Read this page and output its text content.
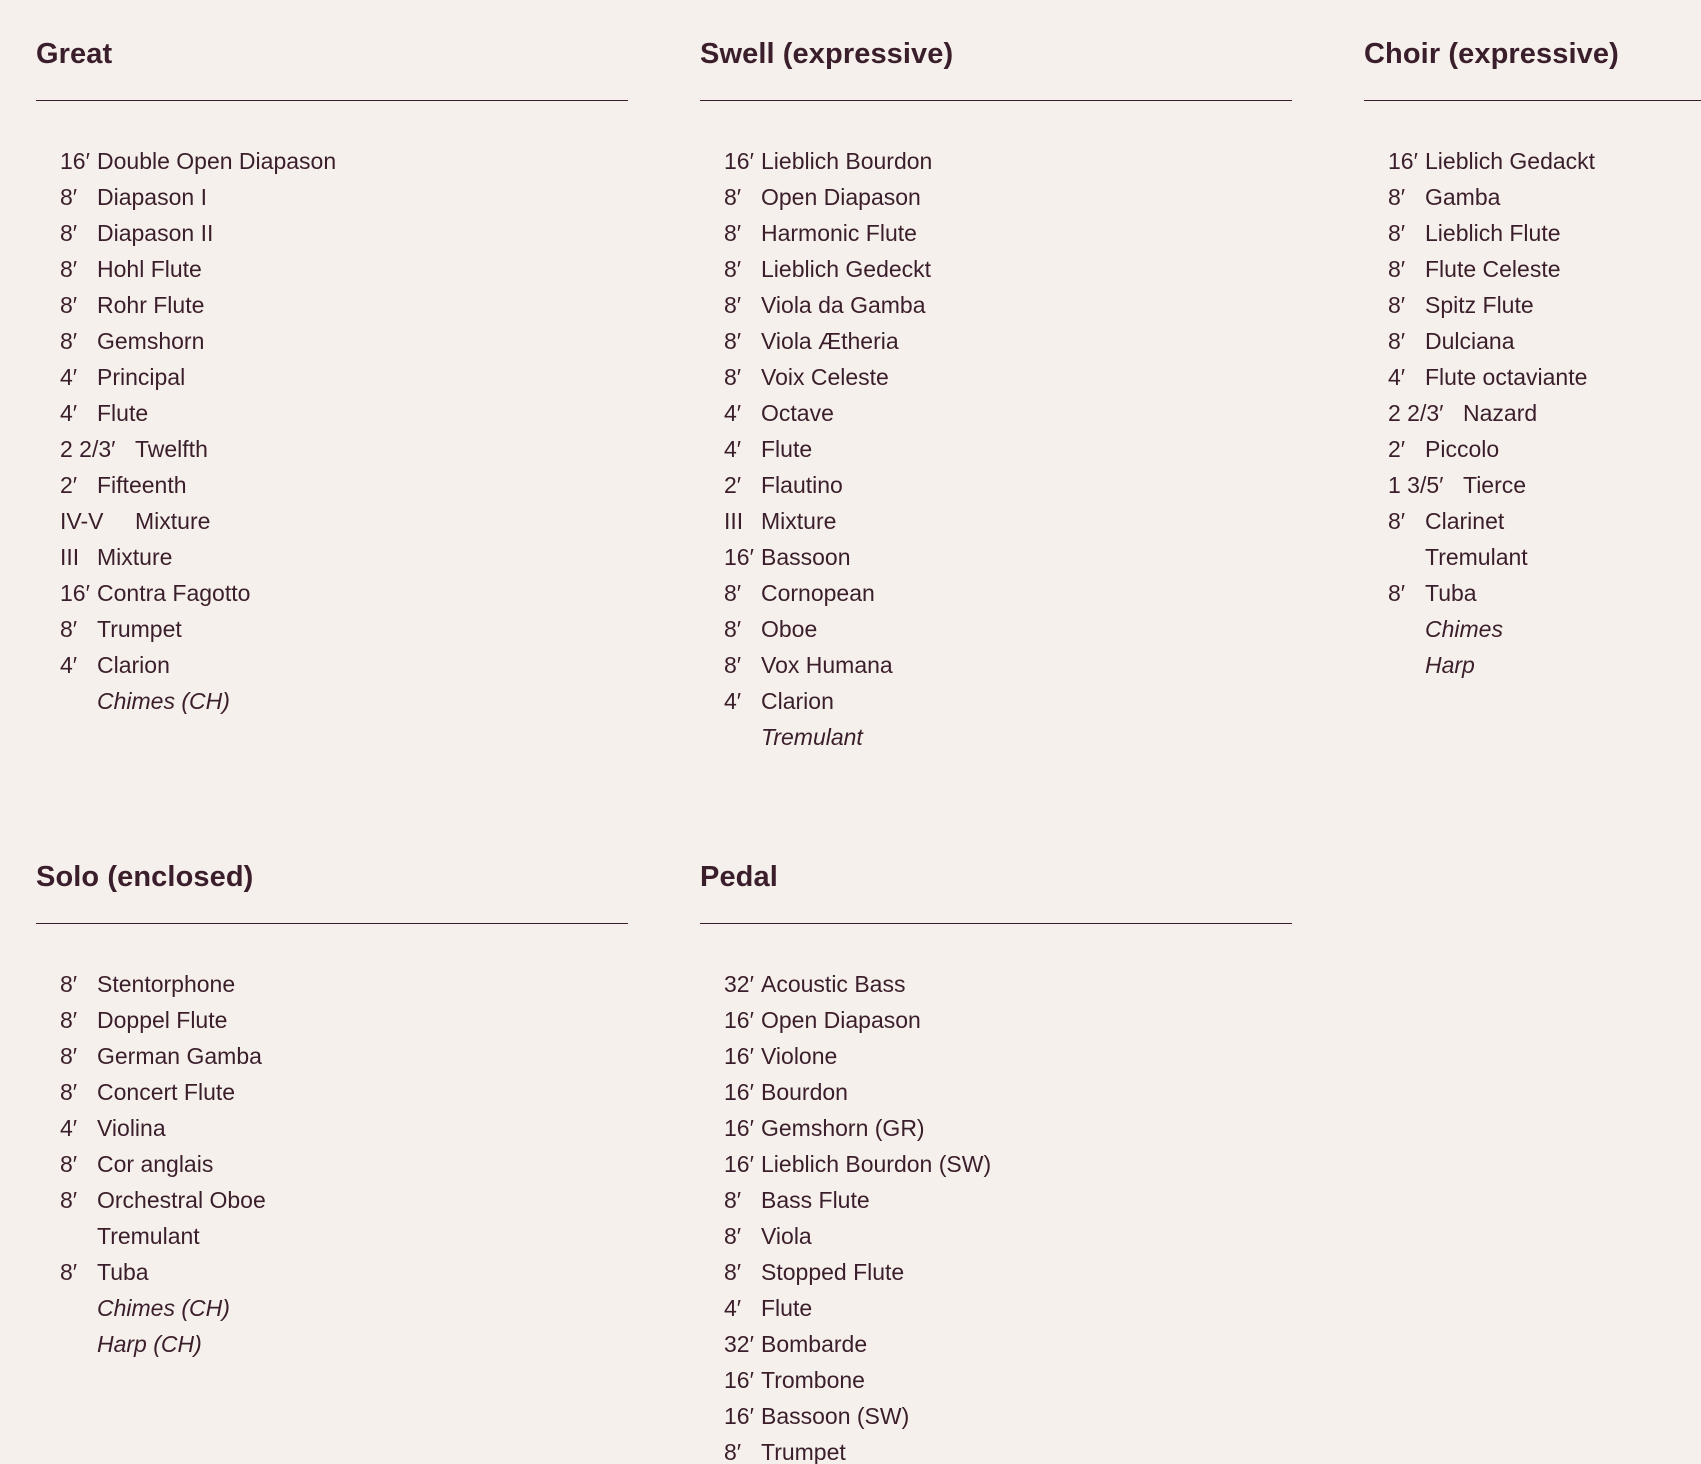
Great
16′ Double Open Diapason
8′ Diapason I
8′ Diapason II
8′ Hohl Flute
8′ Rohr Flute
8′ Gemshorn
4′ Principal
4′ Flute
2 2/3′ Twelfth
2′ Fifteenth
IV-V	Mixture
III Mixture
16′ Contra Fagotto
8′ Trumpet
4′ Clarion
Chimes (CH)
Swell (expressive)
16′ Lieblich Bourdon
8′ Open Diapason
8′ Harmonic Flute
8′ Lieblich Gedeckt
8′ Viola da Gamba
8′ Viola Ætheria
8′ Voix Celeste
4′ Octave
4′ Flute
2′ Flautino
III Mixture
16′ Bassoon
8′ Cornopean
8′ Oboe
8′ Vox Humana
4′ Clarion
Tremulant
Choir (expressive)
16′ Lieblich Gedackt
8′ Gamba
8′ Lieblich Flute
8′ Flute Celeste
8′ Spitz Flute
8′ Dulciana
4′ Flute octaviante
2 2/3′ Nazard
2′ Piccolo
1 3/5′ Tierce
8′ Clarinet
Tremulant
8′ Tuba
Chimes
Harp
Solo (enclosed)
8′ Stentorphone
8′ Doppel Flute
8′ German Gamba
8′ Concert Flute
4′ Violina
8′ Cor anglais
8′ Orchestral Oboe
Tremulant
8′ Tuba
Chimes (CH)
Harp (CH)
Pedal
32′ Acoustic Bass
16′ Open Diapason
16′ Violone
16′ Bourdon
16′ Gemshorn (GR)
16′ Lieblich Bourdon (SW)
8′ Bass Flute
8′ Viola
8′ Stopped Flute
4′ Flute
32′ Bombarde
16′ Trombone
16′ Bassoon (SW)
8′ Trumpet
